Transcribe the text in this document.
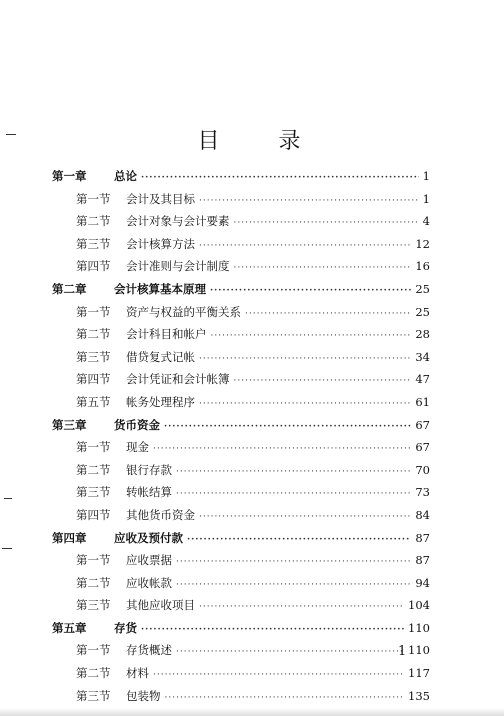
目 录
第一章	总论 ·····	1
第一节	会计及其目标 ·····	1
第二节	会计对象与会计要素 ·····	4
第三节	会计核算方法 ·····	12
第四节	会计准则与会计制度 ·····	16
第二章	会计核算基本原理 ·····	25
第一节	资产与权益的平衡关系 ·····	25
第二节	会计科目和帐户 ·····	28
第三节	借贷复式记帐 ·····	34
第四节	会计凭证和会计帐簿 ·····	47
第五节	帐务处理程序 ·····	61
第三章	货币资金 ·····	67
第一节	现金 ·····	67
第二节	银行存款 ·····	70
第三节	转帐结算 ·····	73
第四节	其他货币资金 ·····	84
第四章	应收及预付款 ·····	87
第一节	应收票据 ·····	87
第二节	应收帐款 ·····	94
第三节	其他应收项目 ·····	104
第五章	存货 ·····	110
第一节	存货概述 ·····	110
第二节	材料 ·····	117
第三节	包装物 ·····	135
1
